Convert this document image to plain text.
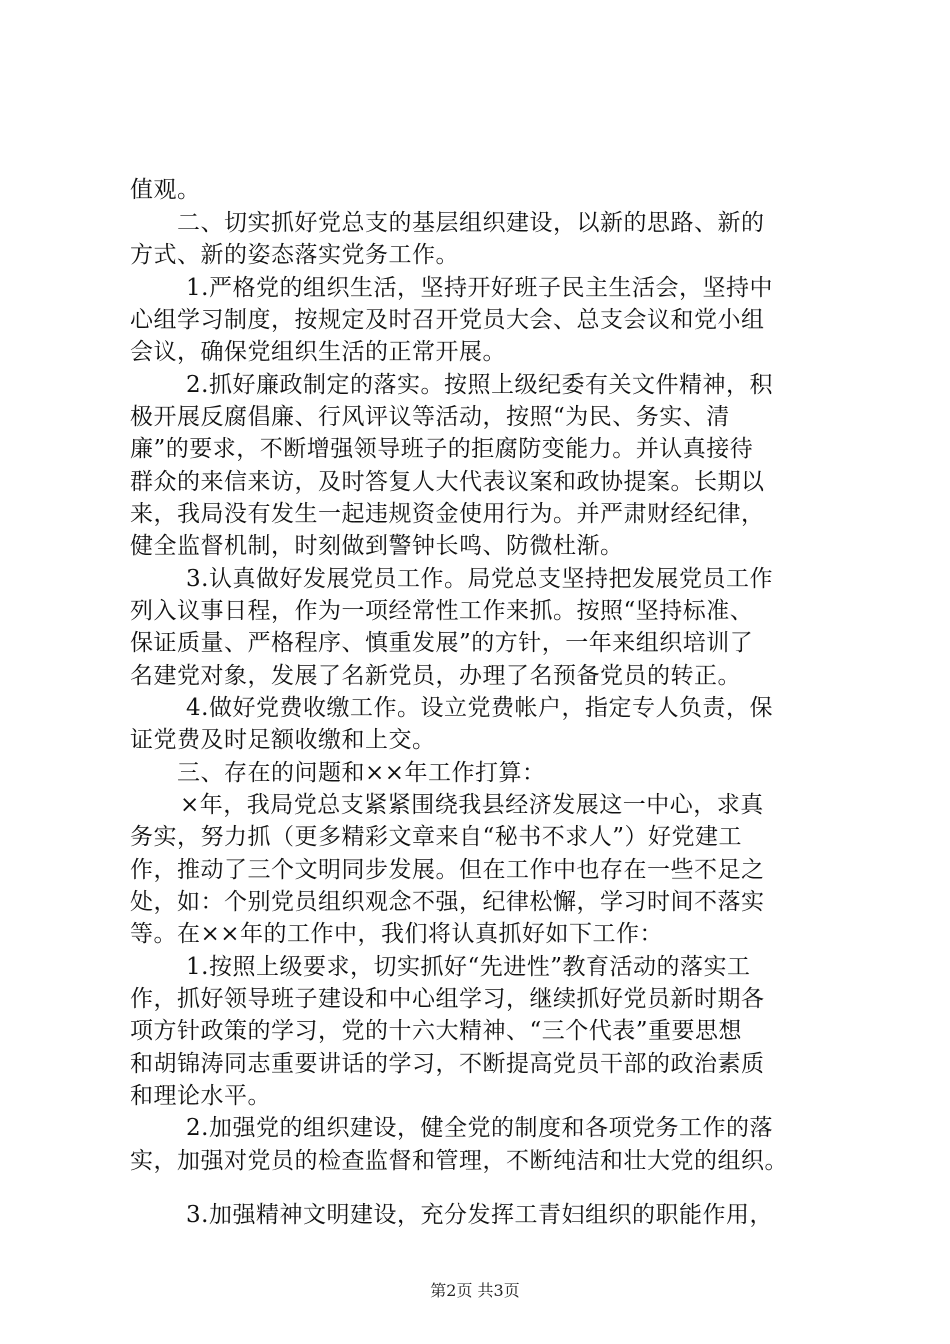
值观。
二、切实抓好党总支的基层组织建设，以新的思路、新的
方式、新的姿态落实党务工作。
1.严格党的组织生活，坚持开好班子民主生活会，坚持中
心组学习制度，按规定及时召开党员大会、总支会议和党小组
会议，确保党组织生活的正常开展。
2.抓好廉政制定的落实。按照上级纪委有关文件精神，积
极开展反腐倡廉、行风评议等活动，按照“为民、务实、清
廉”的要求，不断增强领导班子的拒腐防变能力。并认真接待
群众的来信来访，及时答复人大代表议案和政协提案。长期以
来，我局没有发生一起违规资金使用行为。并严肃财经纪律，
健全监督机制，时刻做到警钟长鸣、防微杜渐。
3.认真做好发展党员工作。局党总支坚持把发展党员工作
列入议事日程，作为一项经常性工作来抓。按照“坚持标准、
保证质量、严格程序、慎重发展”的方针，一年来组织培训了
名建党对象，发展了名新党员，办理了名预备党员的转正。
4.做好党费收缴工作。设立党费帐户，指定专人负责，保
证党费及时足额收缴和上交。
三、存在的问题和××年工作打算：
×年，我局党总支紧紧围绕我县经济发展这一中心，求真
务实，努力抓（更多精彩文章来自“秘书不求人”）好党建工
作，推动了三个文明同步发展。但在工作中也存在一些不足之
处，如：个别党员组织观念不强，纪律松懈，学习时间不落实
等。在××年的工作中，我们将认真抓好如下工作：
1.按照上级要求，切实抓好“先进性”教育活动的落实工
作，抓好领导班子建设和中心组学习，继续抓好党员新时期各
项方针政策的学习，党的十六大精神、“三个代表”重要思想
和胡锦涛同志重要讲话的学习，不断提高党员干部的政治素质
和理论水平。
2.加强党的组织建设，健全党的制度和各项党务工作的落
实，加强对党员的检查监督和管理，不断纯洁和壮大党的组织。
3.加强精神文明建设，充分发挥工青妇组织的职能作用，
第2页 共3页
